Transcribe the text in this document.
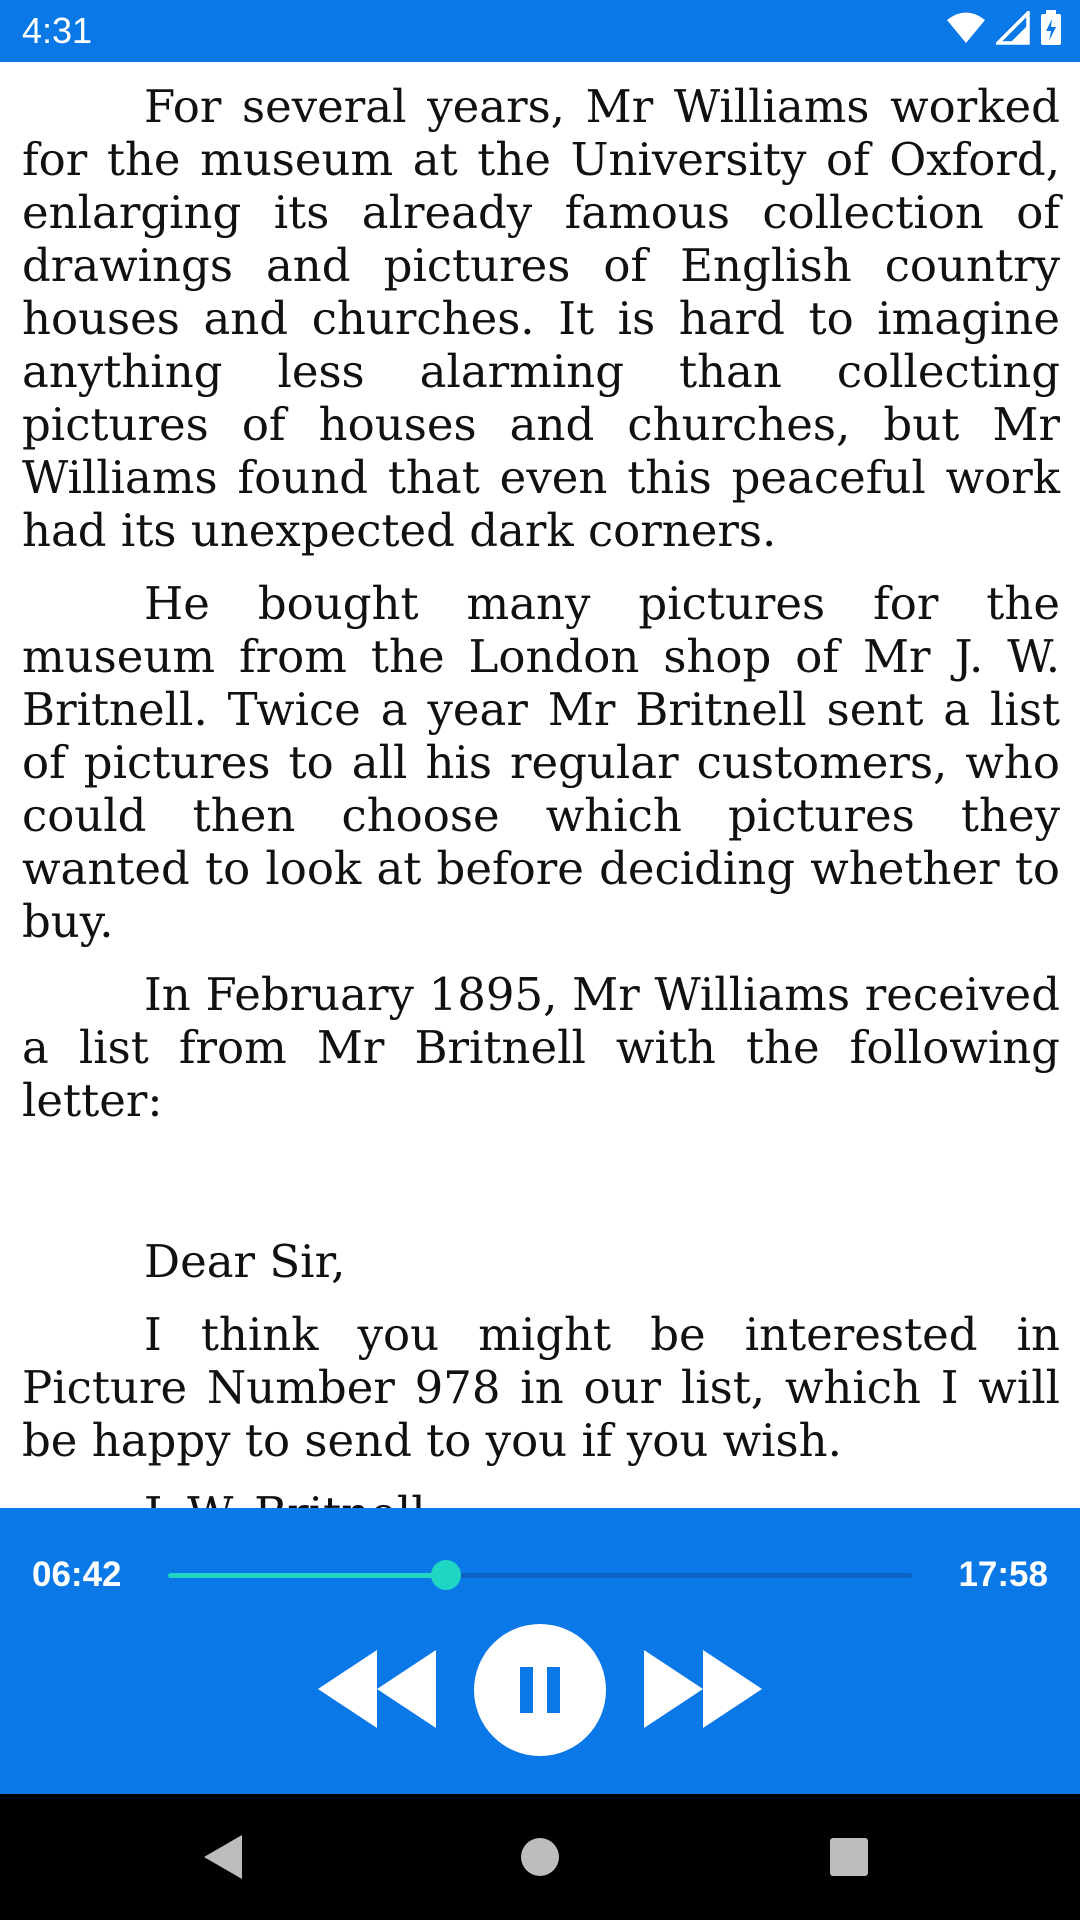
4:31

For several years, Mr Williams worked for the museum at the University of Oxford, enlarging its already famous collection of drawings and pictures of English country houses and churches. It is hard to imagine anything less alarming than collecting pictures of houses and churches, but Mr Williams found that even this peaceful work had its unexpected dark corners.

He bought many pictures for the museum from the London shop of Mr J. W. Britnell. Twice a year Mr Britnell sent a list of pictures to all his regular customers, who could then choose which pictures they wanted to look at before deciding whether to buy.

In February 1895, Mr Williams received a list from Mr Britnell with the following letter:

Dear Sir,

I think you might be interested in Picture Number 978 in our list, which I will be happy to send to you if you wish.

06:42	17:58
